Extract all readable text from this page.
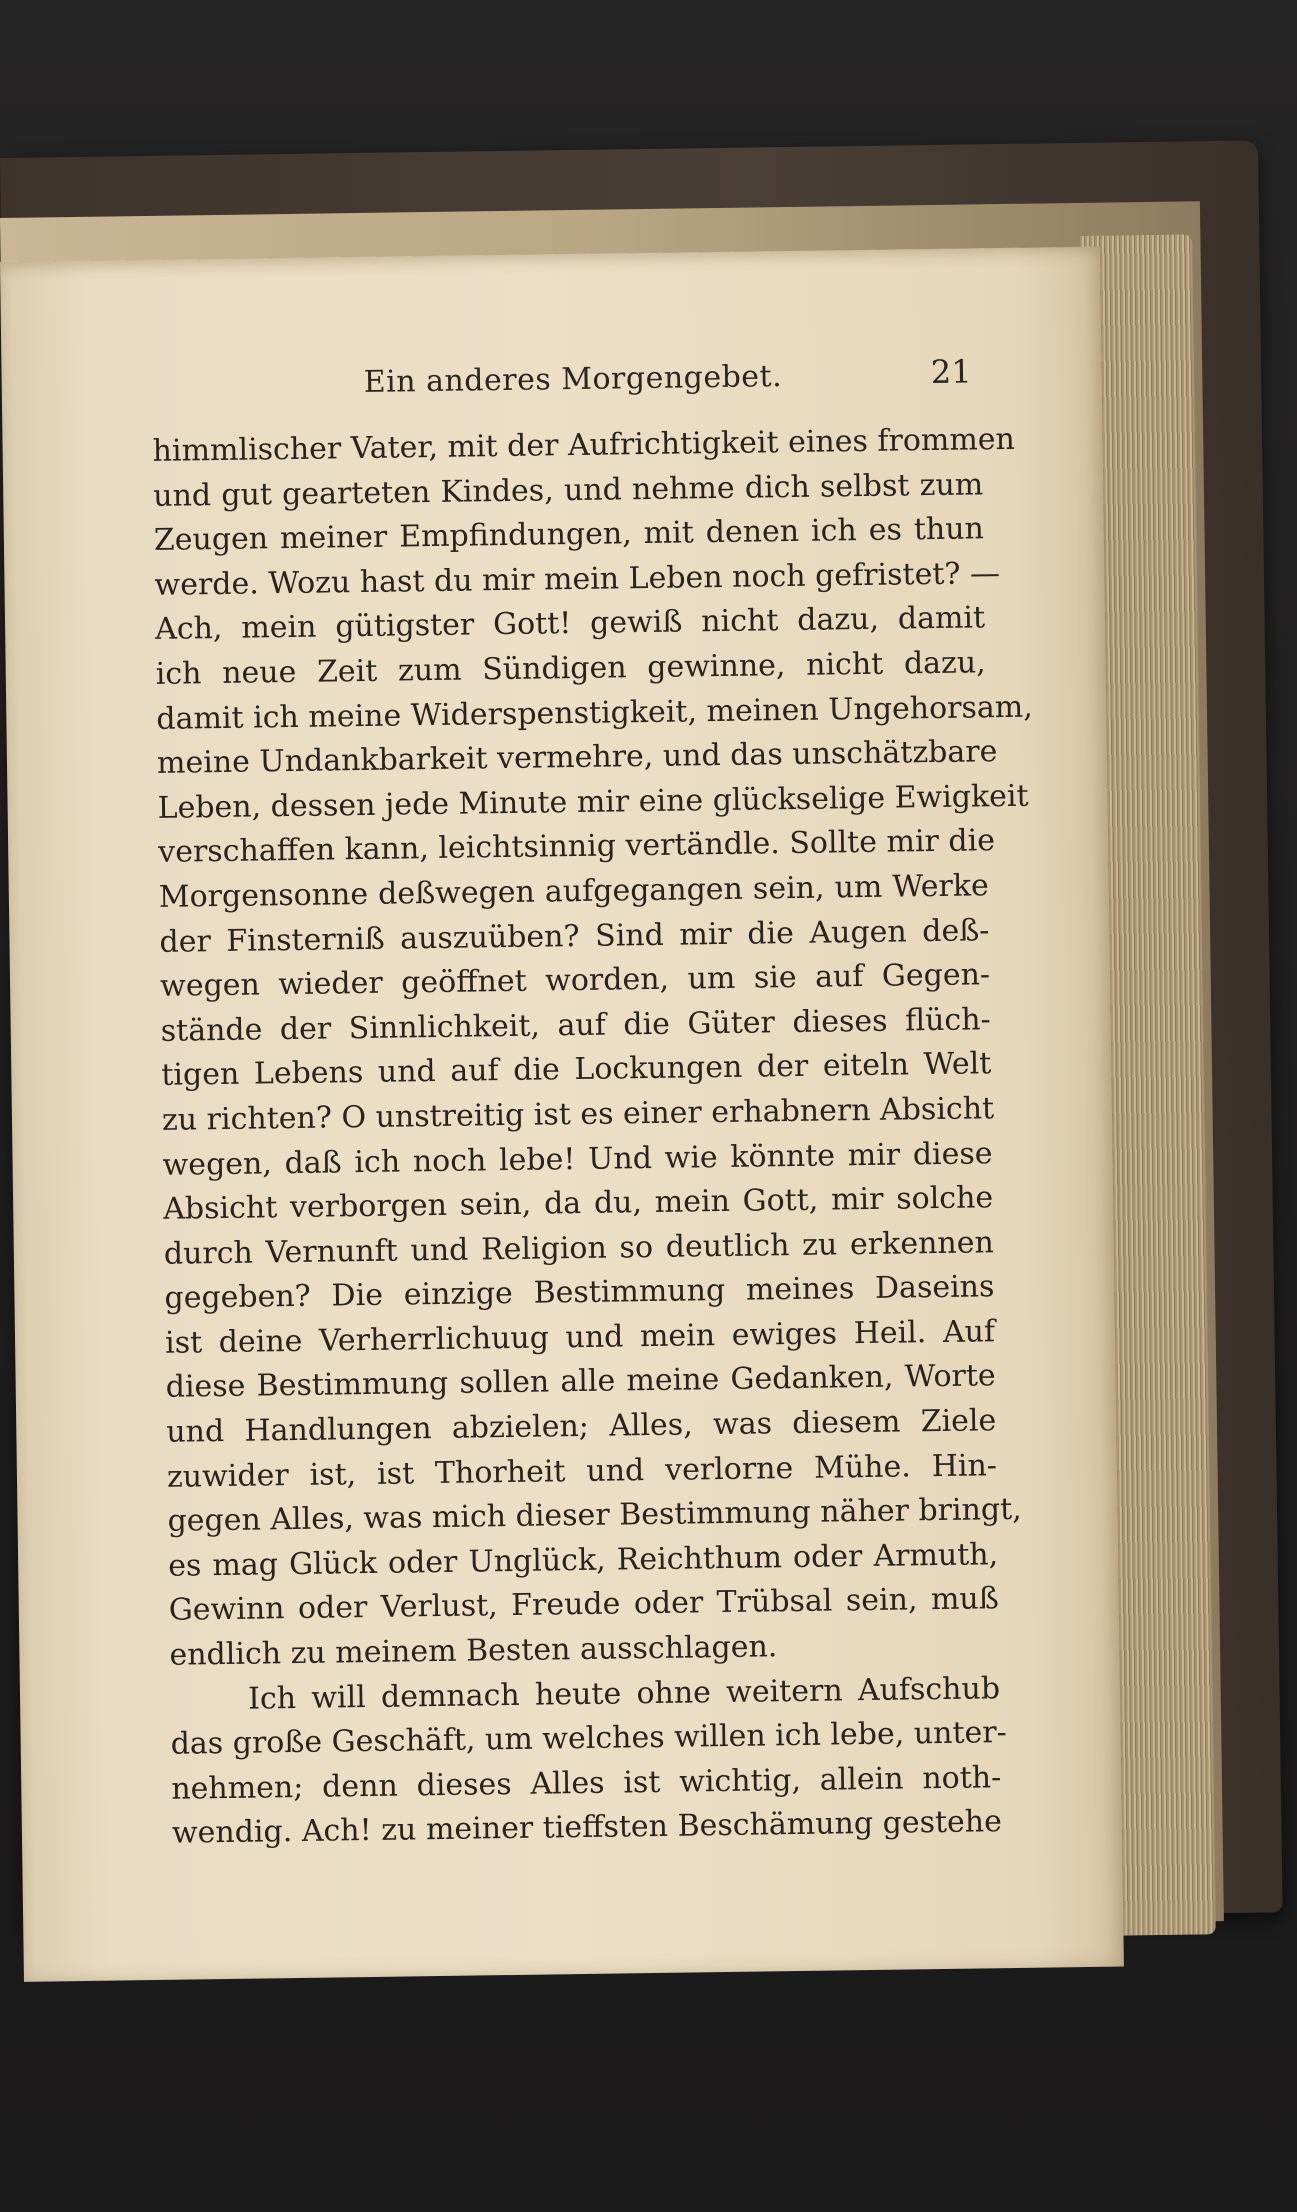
Ein anderes Morgengebet.	21
himmlischer Vater, mit der Aufrichtigkeit eines frommen
und gut gearteten Kindes, und nehme dich selbst zum
Zeugen meiner Empfindungen, mit denen ich es thun
werde. Wozu hast du mir mein Leben noch gefristet? —
Ach, mein gütigster Gott! gewiß nicht dazu, damit
ich neue Zeit zum Sündigen gewinne, nicht dazu,
damit ich meine Widerspenstigkeit, meinen Ungehorsam,
meine Undankbarkeit vermehre, und das unschätzbare
Leben, dessen jede Minute mir eine glückselige Ewigkeit
verschaffen kann, leichtsinnig vertändle. Sollte mir die
Morgensonne deßwegen aufgegangen sein, um Werke
der Finsterniß auszuüben? Sind mir die Augen deß-
wegen wieder geöffnet worden, um sie auf Gegen-
stände der Sinnlichkeit, auf die Güter dieses flüch-
tigen Lebens und auf die Lockungen der eiteln Welt
zu richten? O unstreitig ist es einer erhabnern Absicht
wegen, daß ich noch lebe! Und wie könnte mir diese
Absicht verborgen sein, da du, mein Gott, mir solche
durch Vernunft und Religion so deutlich zu erkennen
gegeben? Die einzige Bestimmung meines Daseins
ist deine Verherrlichuug und mein ewiges Heil. Auf
diese Bestimmung sollen alle meine Gedanken, Worte
und Handlungen abzielen; Alles, was diesem Ziele
zuwider ist, ist Thorheit und verlorne Mühe. Hin-
gegen Alles, was mich dieser Bestimmung näher bringt,
es mag Glück oder Unglück, Reichthum oder Armuth,
Gewinn oder Verlust, Freude oder Trübsal sein, muß
endlich zu meinem Besten ausschlagen.
Ich will demnach heute ohne weitern Aufschub
das große Geschäft, um welches willen ich lebe, unter-
nehmen; denn dieses Alles ist wichtig, allein noth-
wendig. Ach! zu meiner tieffsten Beschämung gestehe
